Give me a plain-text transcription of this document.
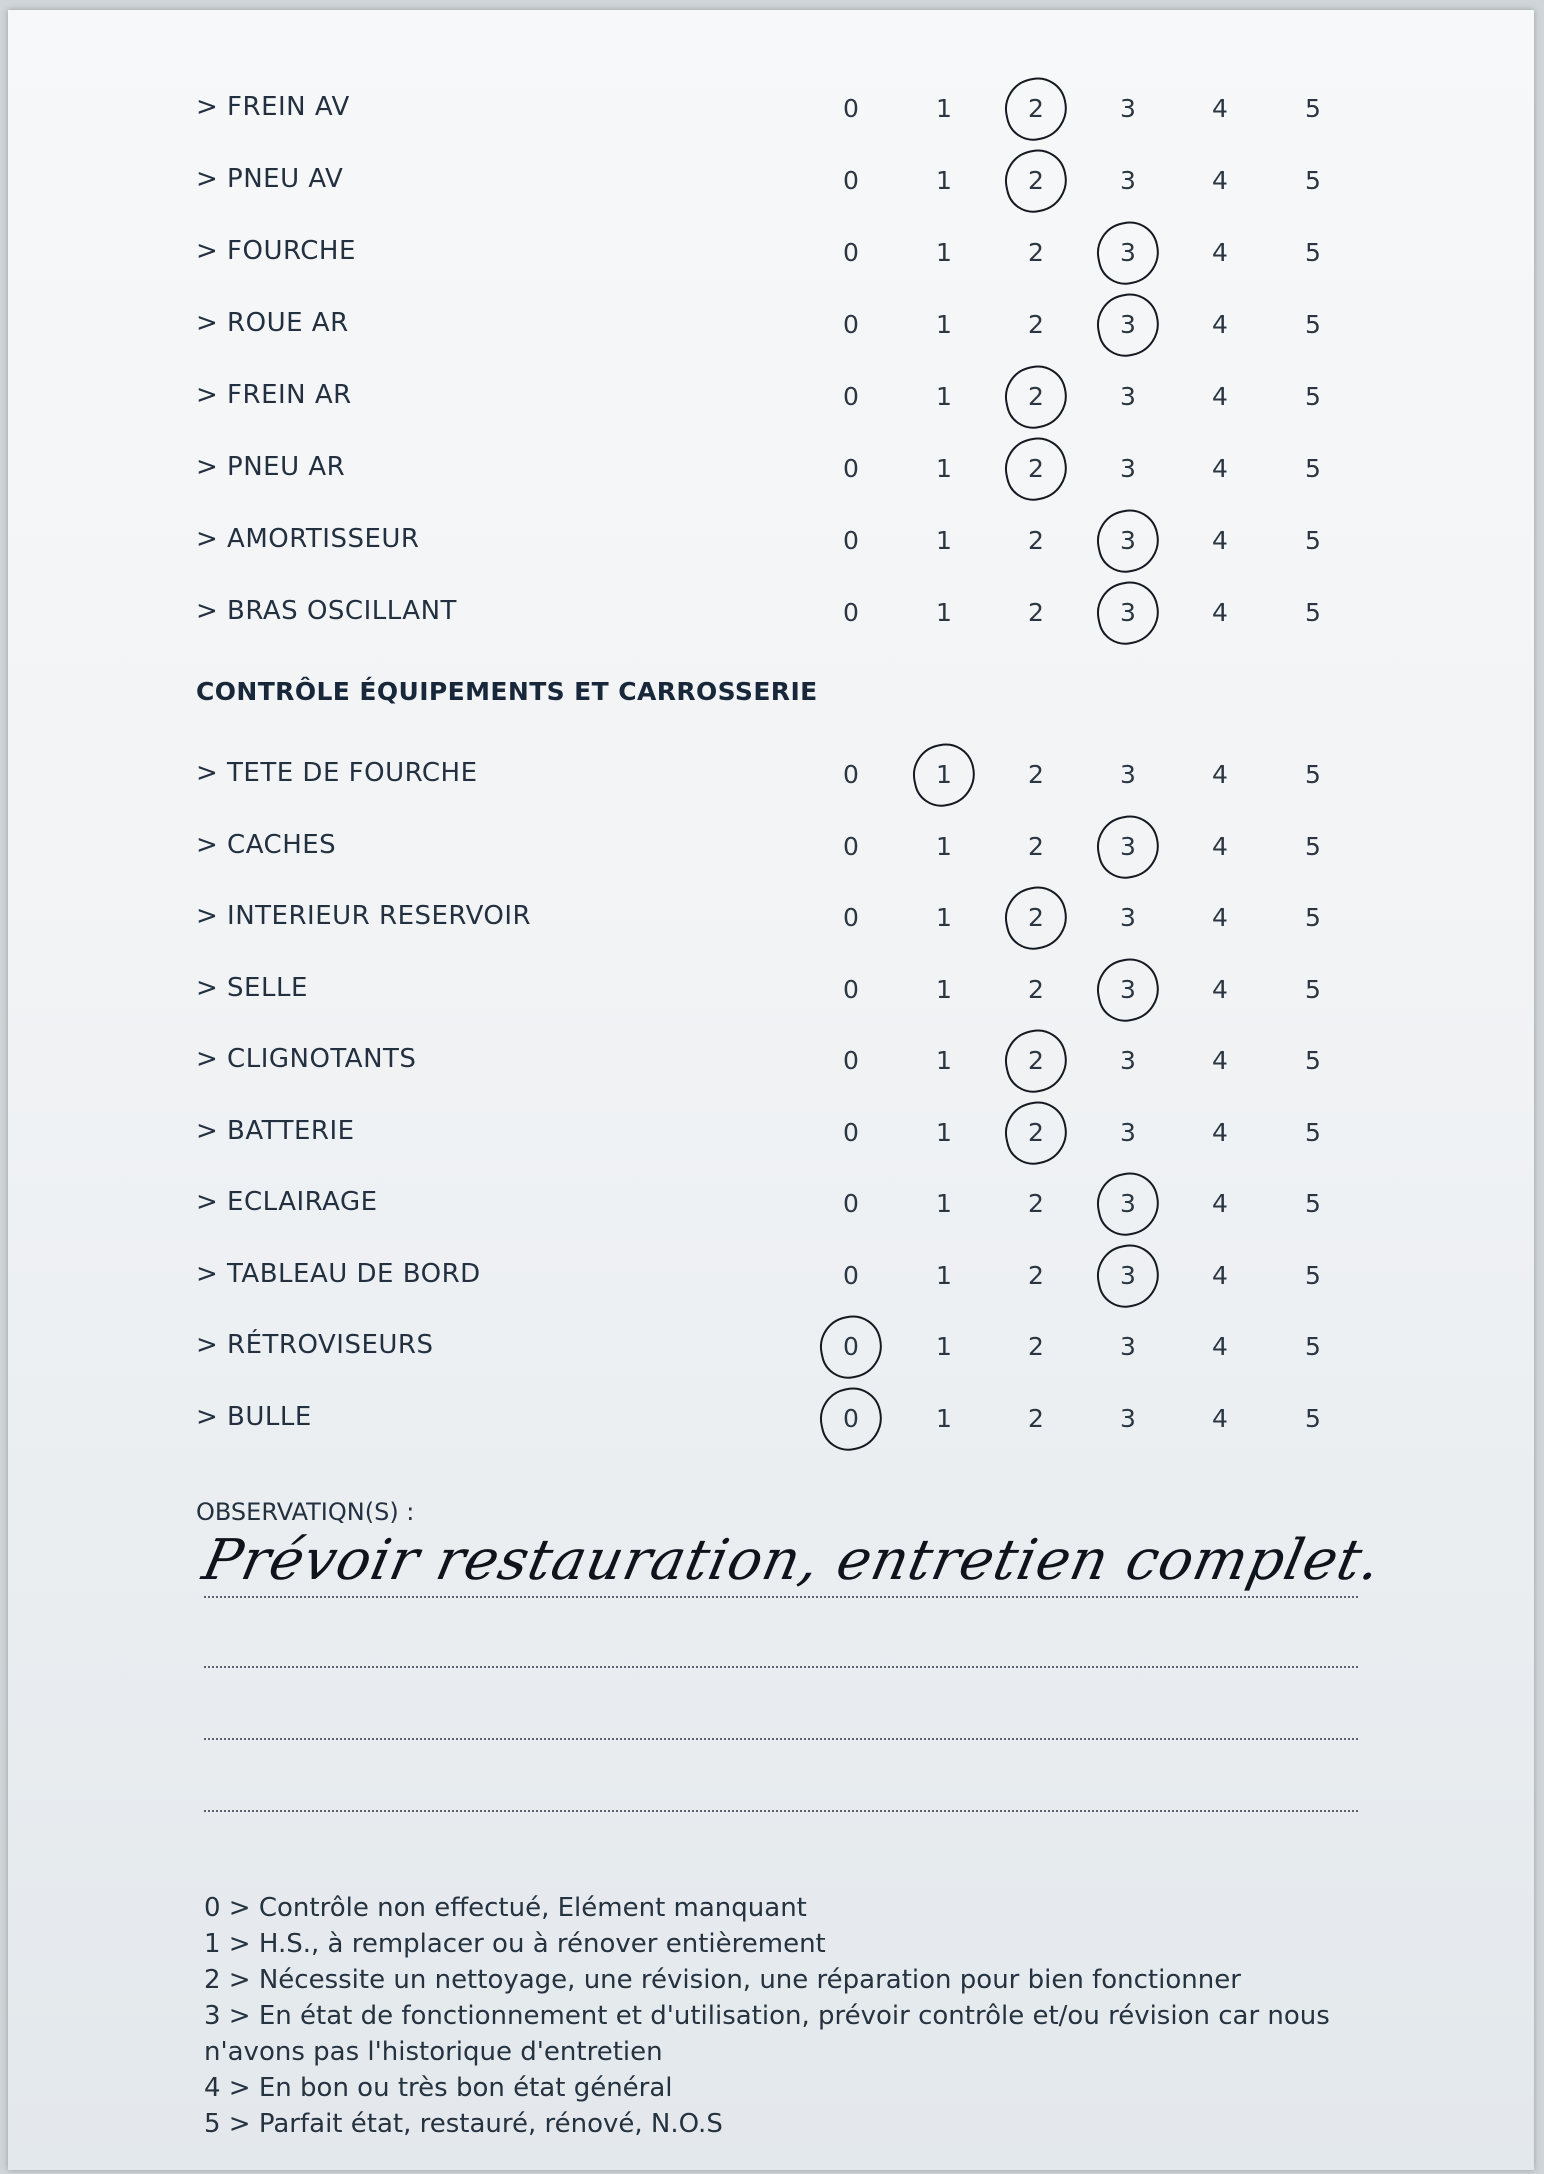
> FREIN AV	0	1	2	3	4	5
> PNEU AV	0	1	2	3	4	5
> FOURCHE	0	1	2	3	4	5
> ROUE AR	0	1	2	3	4	5
> FREIN AR	0	1	2	3	4	5
> PNEU AR	0	1	2	3	4	5
> AMORTISSEUR	0	1	2	3	4	5
> BRAS OSCILLANT	0	1	2	3	4	5
> TETE DE FOURCHE	0	1	2	3	4	5
> CACHES	0	1	2	3	4	5
> INTERIEUR RESERVOIR	0	1	2	3	4	5
> SELLE	0	1	2	3	4	5
> CLIGNOTANTS	0	1	2	3	4	5
> BATTERIE	0	1	2	3	4	5
> ECLAIRAGE	0	1	2	3	4	5
> TABLEAU DE BORD	0	1	2	3	4	5
> RÉTROVISEURS	0	1	2	3	4	5
> BULLE	0	1	2	3	4	5
CONTRÔLE ÉQUIPEMENTS ET CARROSSERIE
OBSERVATIQN(S) :
Prévoir restauration, entretien complet.
0 > Contrôle non effectué, Elément manquant
1 > H.S., à remplacer ou à rénover entièrement
2 > Nécessite un nettoyage, une révision, une réparation pour bien fonctionner
3 > En état de fonctionnement et d'utilisation, prévoir contrôle et/ou révision car nous n'avons pas l'historique d'entretien
4 > En bon ou très bon état général
5 > Parfait état, restauré, rénové, N.O.S
